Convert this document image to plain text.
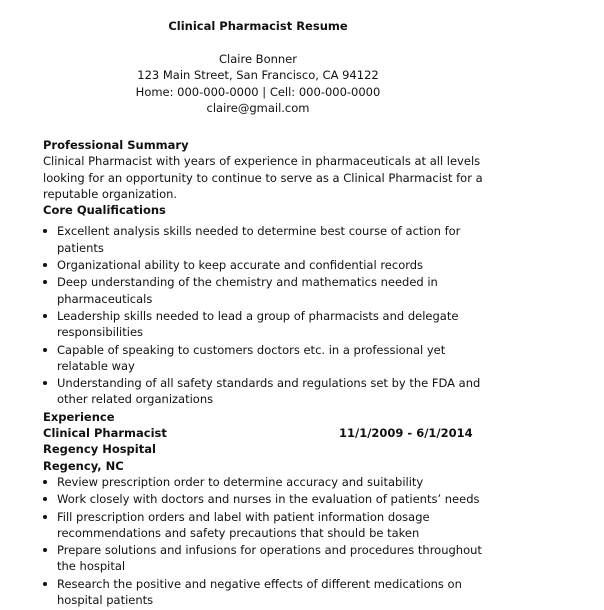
Clinical Pharmacist Resume
Claire Bonner
123 Main Street, San Francisco, CA 94122
Home: 000-000-0000 | Cell: 000-000-0000
claire@gmail.com
Professional Summary

Clinical Pharmacist with years of experience in pharmaceuticals at all levels looking for an opportunity to continue to serve as a Clinical Pharmacist for a reputable organization.

Core Qualifications
Excellent analysis skills needed to determine best course of action for patients
Organizational ability to keep accurate and confidential records
Deep understanding of the chemistry and mathematics needed in pharmaceuticals
Leadership skills needed to lead a group of pharmacists and delegate responsibilities
Capable of speaking to customers doctors etc. in a professional yet relatable way
Understanding of all safety standards and regulations set by the FDA and other related organizations
Experience
Clinical Pharmacist	11/1/2009 - 6/1/2014
Regency Hospital
Regency, NC
Review prescription order to determine accuracy and suitability
Work closely with doctors and nurses in the evaluation of patients’ needs
Fill prescription orders and label with patient information dosage recommendations and safety precautions that should be taken
Prepare solutions and infusions for operations and procedures throughout the hospital
Research the positive and negative effects of different medications on hospital patients
